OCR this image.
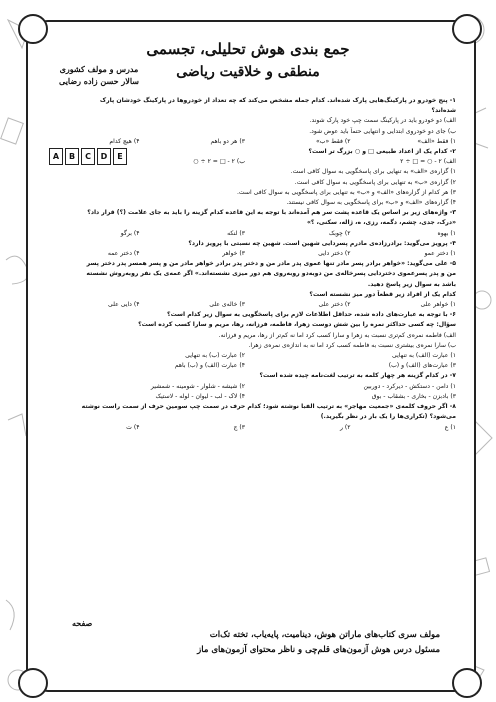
جمع بندی هوش تحلیلی، تجسمی
منطقی و خلاقیت ریاضی
مدرس و مولف کشوری
سالار حسن زاده رضایی
A	B	C	D	E
۱- پنج خودرو در پارکینگ‌هایی پارک شده‌اند. کدام جمله مشخص می‌کند که چه تعداد از خودروها در پارکینگ خودشان پارک
شده‌اند؟
الف) دو خودرو باید در پارکینگ سمت چپ خود پارک شوند.
ب) جای دو خودروی ابتدایی و انتهایی حتماً باید عوض شود.
۱) فقط «الف»
۲) فقط «ب»
۳) هر دو باهم
۴) هیچ کدام
۲- کدام یک از اعداد طبیعی □ و ○ بزرگ تر است؟
الف) ۲ - ○ = □ ÷ ۲
ب) ۲ - □ = ۲ ÷ ○
۱) گزاره‌ی «الف» به تنهایی برای پاسخگویی به سوال کافی است.
۲) گزاره‌ی «ب» به تنهایی برای پاسخگویی به سوال کافی است.
۳) هر کدام از گزاره‌های «الف» و «ب» به تنهایی برای پاسخگویی به سوال کافی است.
۴) گزاره‌های «الف» و «ب» برای پاسخگویی به سوال کافی نیستند.
۳- واژه‌های زیر بر اساس یک قاعده پشت سر هم آمده‌اند با توجه به این قاعده کدام گزینه را باید به جای علامت (؟) قرار داد؟
«درک، جدی، چشم، دگمه، رزی، ه، ژاله، سکنی، ؟»
۱) بهوه
۲) چوبک
۳) لنکه
۴) برگو
۴- پرویز می‌گوید: برادرزاده‌ی مادرم پسردایی شهین است. شهین چه نسبتی با پرویز دارد؟
۱) دختر عمو
۲) دختر دایی
۳) خواهر
۴) دختر عمه
۵- علی می‌گوید: «خواهر برادر پسر مادر تنها عموی پدر مادر من و دختر پدر برادر خواهر مادر من و پسر همسر پدر دختر پسر
من و پدر پسرعموی دختردایی پسرخاله‌ی من دوبه‌دو روبه‌روی هم دور میزی نشسته‌اند.» اگر عمه‌ی یک نفر روبه‌روش نشسته
باشد به سوال زیر پاسخ دهید.
کدام یک از افراد زیر قطعاً دور میز نشسته است؟
۱) خواهر علی
۲) دختر علی
۳) خاله‌ی علی
۴) دایی علی
۶- با توجه به عبارت‌های داده شده، حداقل اطلاعات لازم برای پاسخگویی به سوال زیر کدام است؟
سؤال: چه کسی حداکثر نمره را بین شش دوست زهرا، فاطمه، فرزانه، رها، مریم و سارا کسب کرده است؟
الف) فاطمه نمره‌ی کم‌تری نسبت به زهرا و سارا کسب کرد اما نه کم‌تر از رها، مریم و فرزانه.
ب) سارا نمره‌ی بیشتری نسبت به فاطمه کسب کرد اما نه به اندازه‌ی نمره‌ی زهرا.
۱) عبارت (الف) به تنهایی
۲) عبارت (ب) به تنهایی
۳) عبارت‌های (الف) و (ب)
۴) عبارت (الف) و (ب) باهم
۷- در کدام گزینه هر چهار کلمه به ترتیب لغت‌نامه چیده شده است؟
۱) دامن - دستکش - دیرکرد - دوربین
۲) شیشه - شلوار - شومینه - شمشیر
۳) بادبزن - بخاری - بشقاب - بوق
۴) لاک - لب - لیوان - لوله - لاستیک
۸- اگر حروف کلمه‌ی «جمعیت مهاجر» به ترتیب الفبا نوشته شود؛ کدام حرف در سمت چپ سومین حرف از سمت راست نوشته
می‌شود؟ (تکراری‌ها را یک بار در نظر بگیرید.)
۱) ع
۲) ر
۳) ج
۴) ت
صفحه
مولف سری کتاب‌های ماراتن هوش، دینامیت، پایه‌یاب، تخته تک‌ات
مسئول درس هوش آزمون‌های قلم‌چی و ناظر محتوای آزمون‌های ماز
